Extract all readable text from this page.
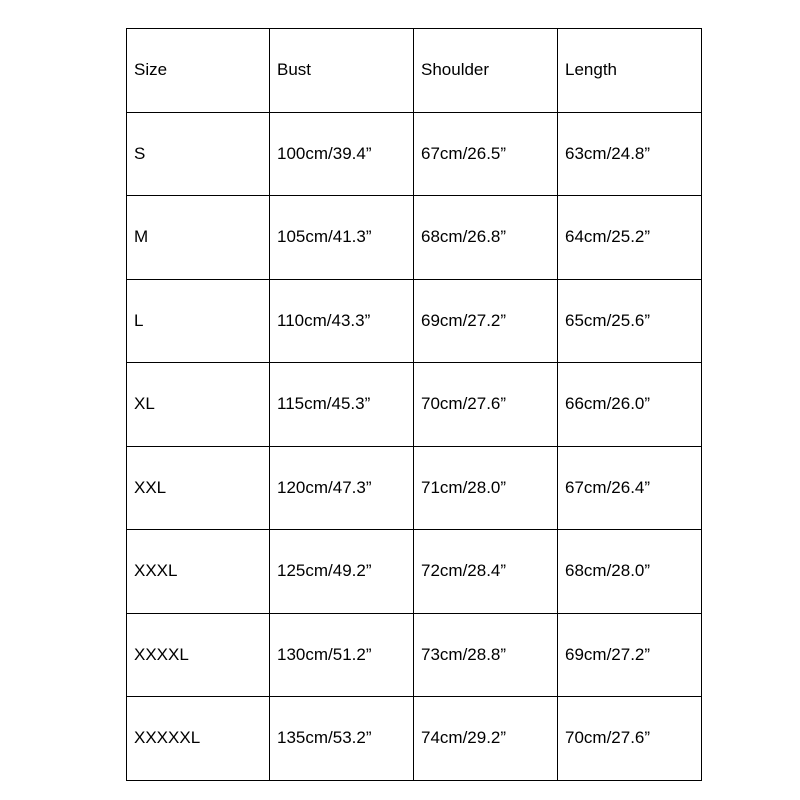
Size	Bust	Shoulder	Length
S	100cm/39.4”	67cm/26.5”	63cm/24.8”
M	105cm/41.3”	68cm/26.8”	64cm/25.2”
L	110cm/43.3”	69cm/27.2”	65cm/25.6”
XL	115cm/45.3”	70cm/27.6”	66cm/26.0”
XXL	120cm/47.3”	71cm/28.0”	67cm/26.4”
XXXL	125cm/49.2”	72cm/28.4”	68cm/28.0”
XXXXL	130cm/51.2”	73cm/28.8”	69cm/27.2”
XXXXXL	135cm/53.2”	74cm/29.2”	70cm/27.6”
